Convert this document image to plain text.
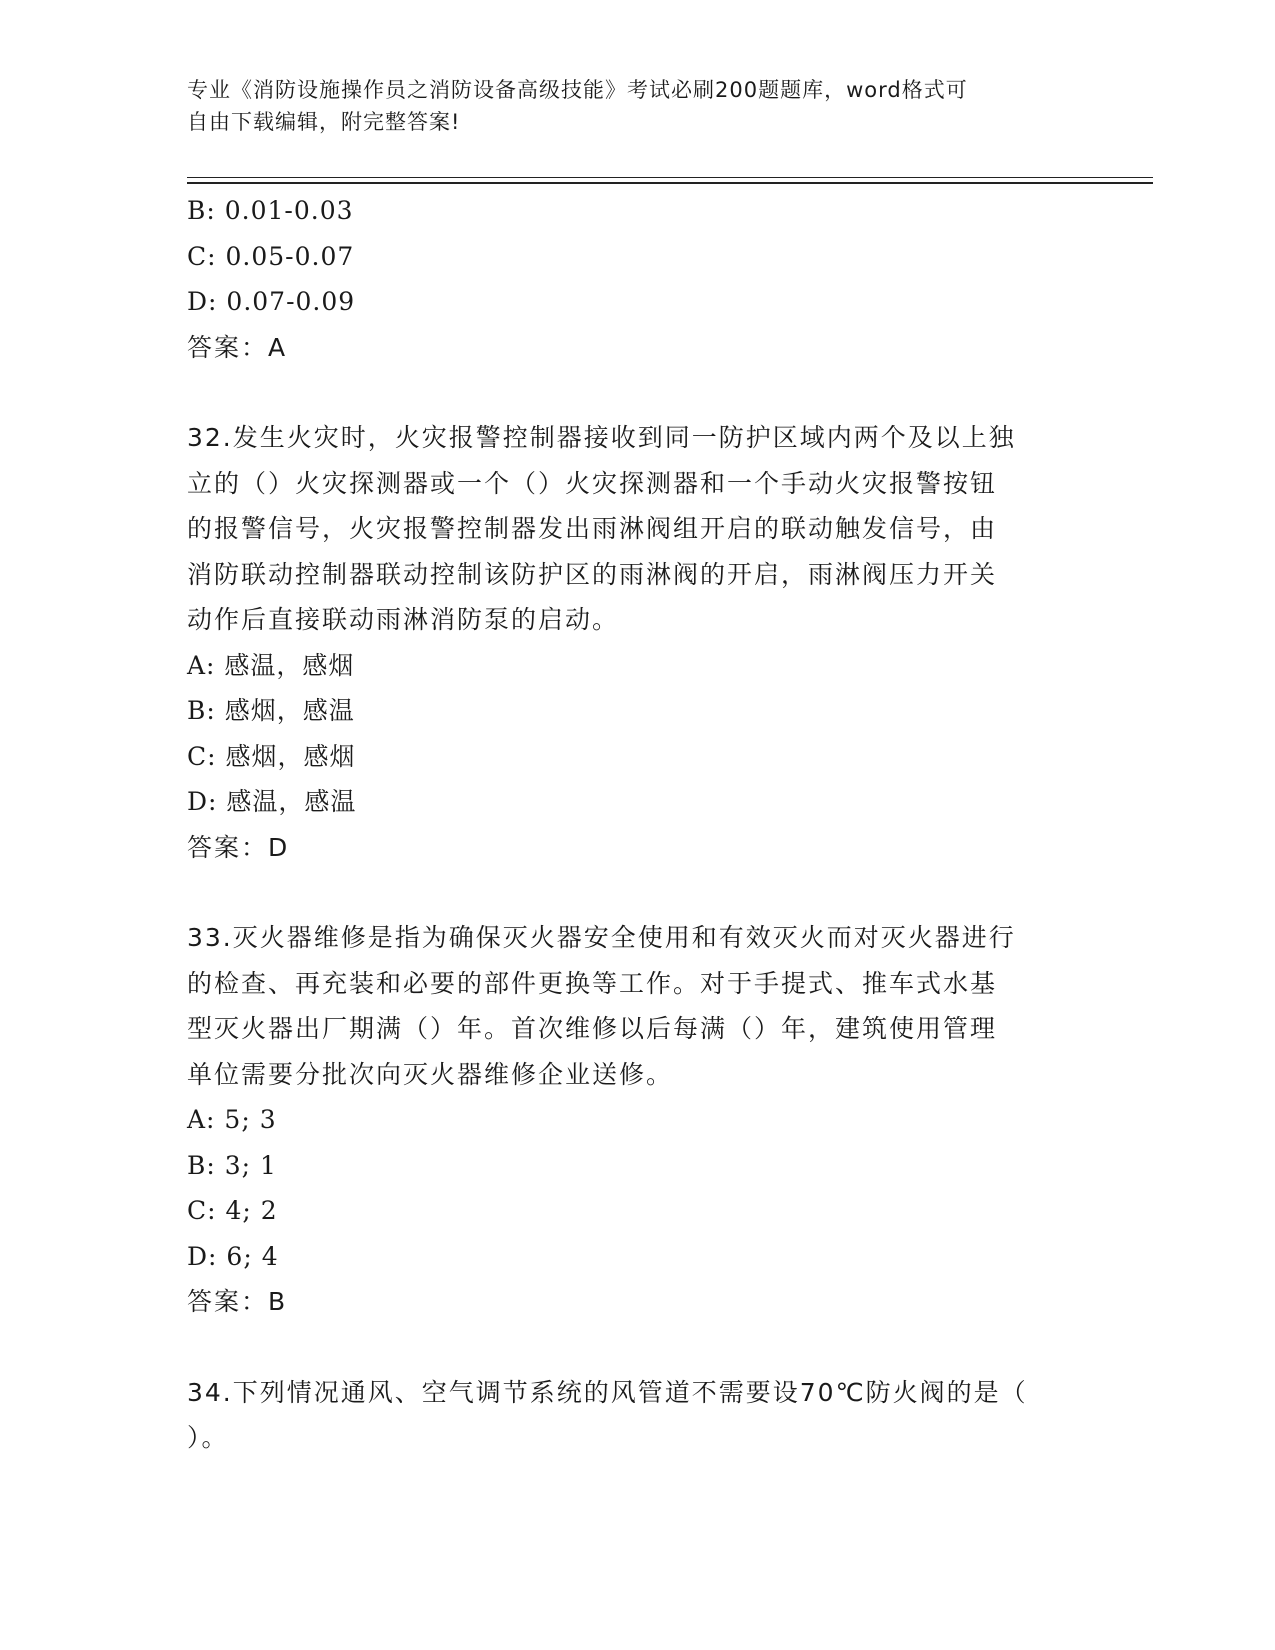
专业《消防设施操作员之消防设备高级技能》考试必刷200题题库，word格式可
自由下载编辑，附完整答案!
B: 0.01-0.03
C: 0.05-0.07
D: 0.07-0.09
答案：A
32.发生火灾时，火灾报警控制器接收到同一防护区域内两个及以上独
立的（）火灾探测器或一个（）火灾探测器和一个手动火灾报警按钮
的报警信号，火灾报警控制器发出雨淋阀组开启的联动触发信号，由
消防联动控制器联动控制该防护区的雨淋阀的开启，雨淋阀压力开关
动作后直接联动雨淋消防泵的启动。
A: 感温，感烟
B: 感烟，感温
C: 感烟，感烟
D: 感温，感温
答案：D
33.灭火器维修是指为确保灭火器安全使用和有效灭火而对灭火器进行
的检查、再充装和必要的部件更换等工作。对于手提式、推车式水基
型灭火器出厂期满（）年。首次维修以后每满（）年，建筑使用管理
单位需要分批次向灭火器维修企业送修。
A: 5; 3
B: 3; 1
C: 4; 2
D: 6; 4
答案：B
34.下列情况通风、空气调节系统的风管道不需要设70℃防火阀的是（
）。
